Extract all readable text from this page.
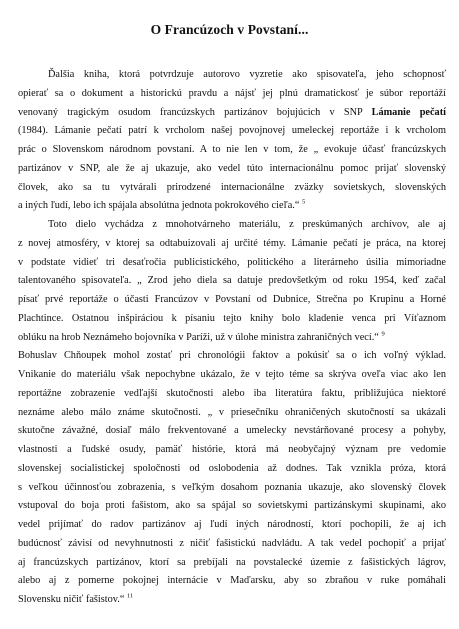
O Francúzoch v Povstaní...
Ďalšia kniha, ktorá potvrdzuje autorovo vyzretie ako spisovateľa, jeho schopnosť
opierať sa o dokument a historickú pravdu a nájsť jej plnú dramatickosť je súbor reportáží
venovaný tragickým osudom francúzskych partizánov bojujúcich v SNP Lámanie pečatí
(1984). Lámanie pečatí patrí k vrcholom našej povojnovej umeleckej reportáže i k vrcholom
prác o Slovenskom národnom povstaní. A to nie len v tom, že „ evokuje účasť francúzskych
partizánov v SNP, ale že aj ukazuje, ako vedel túto internacionálnu pomoc prijať slovenský
človek, ako sa tu vytvárali prirodzené internacionálne zväzky sovietskych, slovenských
a iných ľudí, lebo ich spájala absolútna jednota pokrokového cieľa.“ $^5$
Toto dielo vychádza z mnohotvárneho materiálu, z preskúmaných archívov, ale aj
z novej atmosféry, v ktorej sa odtabuizovali aj určité témy. Lámanie pečatí je práca, na ktorej
v podstate vidieť tri desaťročia publicistického, politického a literárneho úsilia mimoriadne
talentovaného spisovateľa. „ Zrod jeho diela sa datuje predovšetkým od roku 1954, keď začal
písať prvé reportáže o účasti Francúzov v Povstaní od Dubnice, Strečna po Krupinu a Horné
Plachtince. Ostatnou inšpiráciou k písaniu tejto knihy bolo kladenie venca pri Víťaznom
oblúku na hrob Neznámeho bojovníka v Paríži, už v úlohe ministra zahraničných vecí.“ $^9$
Bohuslav Chňoupek mohol zostať pri chronológii faktov a pokúsiť sa o ich voľný výklad.
Vnikanie do materiálu však nepochybne ukázalo, že v tejto téme sa skrýva oveľa viac ako len
reportážne zobrazenie vedľajší skutočnosti alebo iba literatúra faktu, približujúca niektoré
neznáme alebo málo známe skutočnosti. „ v priesečníku ohraničených skutočností sa ukázali
skutočne závažné, dosiaľ málo frekventované a umelecky nevstárňované procesy a pohyby,
vlastnosti a ľudské osudy, pamäť histórie, ktorá má neobyčajný význam pre vedomie
slovenskej socialistickej spoločnosti od oslobodenia až dodnes. Tak vznikla próza, ktorá
s veľkou účinnosťou zobrazenia, s veľkým dosahom poznania ukazuje, ako slovenský človek
vstupoval do boja proti fašistom, ako sa spájal so sovietskymi partizánskymi skupinami, ako
vedel prijímať do radov partizánov aj ľudí iných národností, ktorí pochopili, že aj ich
budúcnosť závisí od nevyhnutnosti z ničiť fašistickú nadvládu. A tak vedel pochopiť a prijať
aj francúzskych partizánov, ktorí sa prebíjali na povstalecké územie z fašistických lágrov,
alebo aj z pomerne pokojnej internácie v Maďarsku, aby so zbraňou v ruke pomáhali
Slovensku ničiť fašistov.“ $^{11}$
